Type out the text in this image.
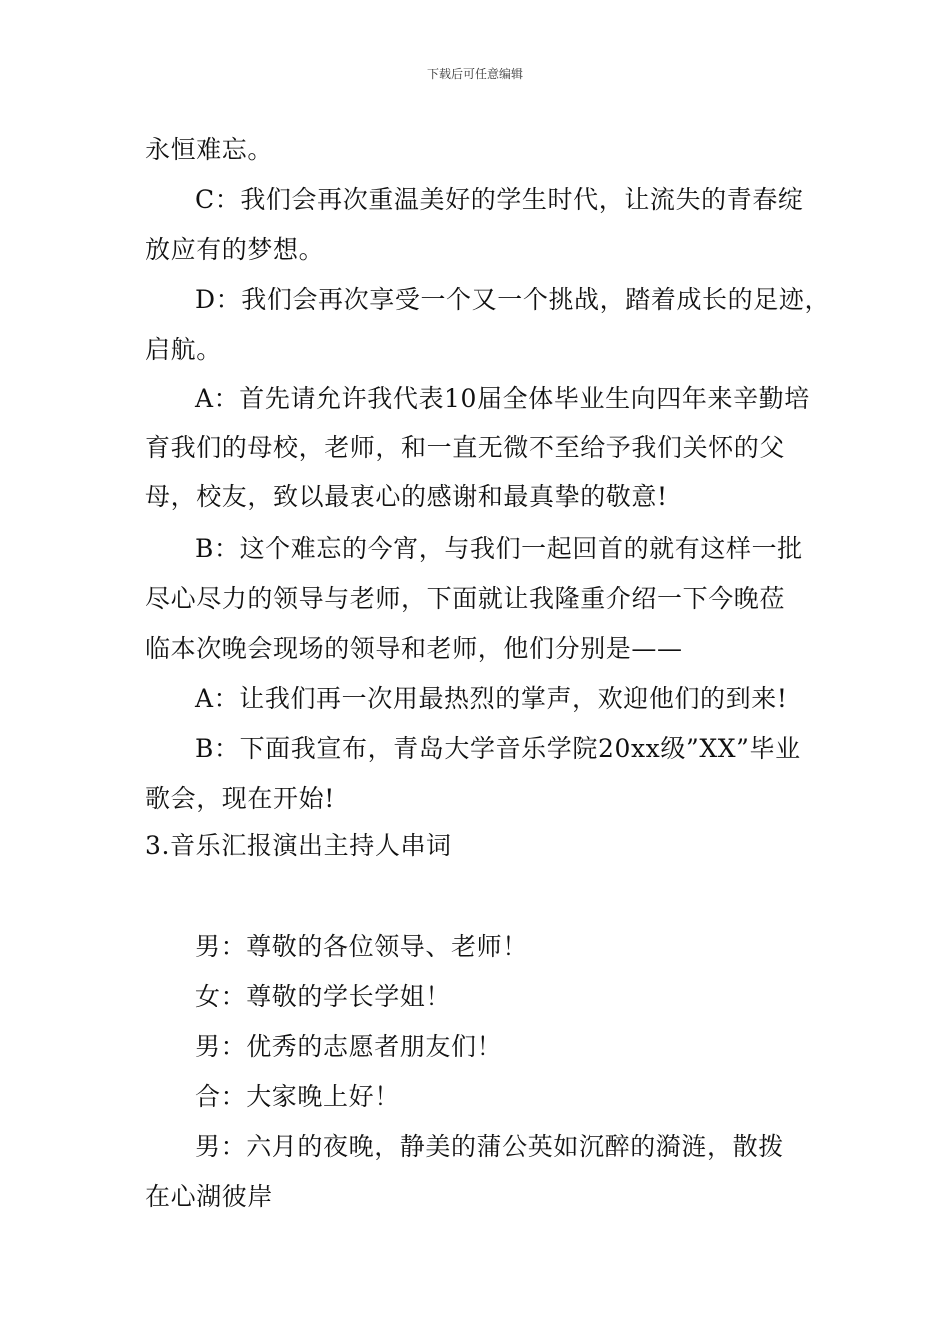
下载后可任意编辑
永恒难忘。
C：我们会再次重温美好的学生时代，让流失的青春绽
放应有的梦想。
D：我们会再次享受一个又一个挑战，踏着成长的足迹，
启航。
A：首先请允许我代表10届全体毕业生向四年来辛勤培
育我们的母校，老师，和一直无微不至给予我们关怀的父
母，校友，致以最衷心的感谢和最真挚的敬意!
B：这个难忘的今宵，与我们一起回首的就有这样一批
尽心尽力的领导与老师，下面就让我隆重介绍一下今晚莅
临本次晚会现场的领导和老师，他们分别是——
A：让我们再一次用最热烈的掌声，欢迎他们的到来!
B：下面我宣布，青岛大学音乐学院20xx级”XX”毕业
歌会，现在开始!
3.音乐汇报演出主持人串词
男：尊敬的各位领导、老师！
女：尊敬的学长学姐！
男：优秀的志愿者朋友们！
合：大家晚上好！
男：六月的夜晚，静美的蒲公英如沉醉的漪涟，散拨
在心湖彼岸
